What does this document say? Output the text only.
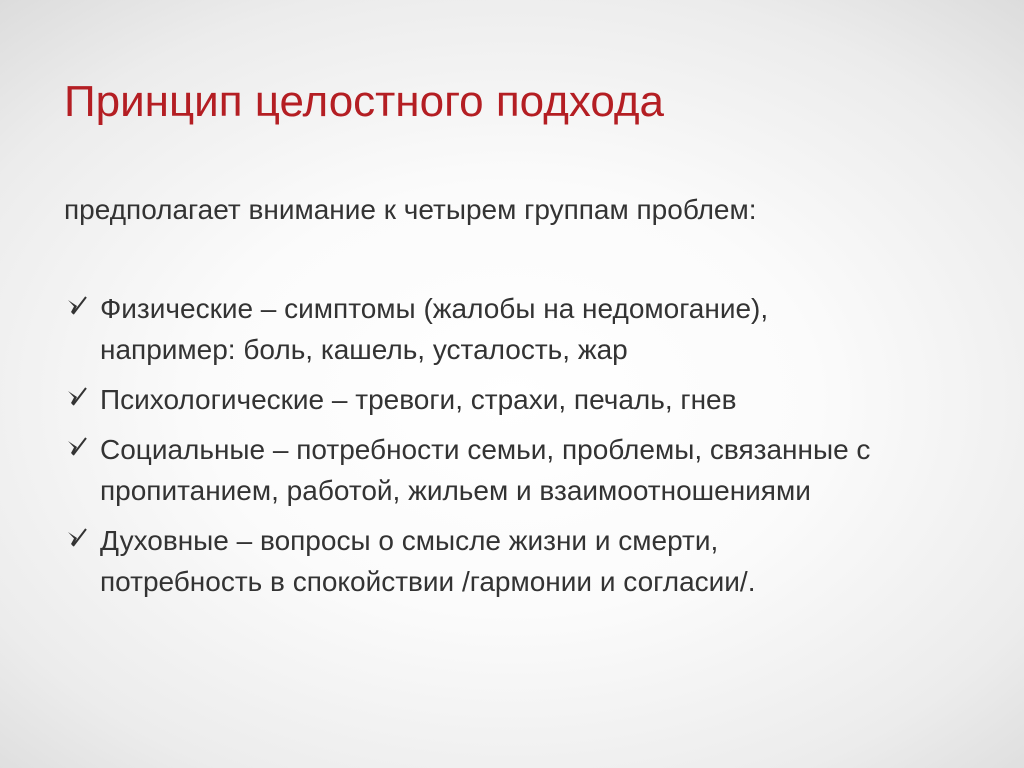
Принцип целостного подхода

предполагает внимание к четырем группам проблем:

Физические – симптомы (жалобы на недомогание),
например: боль, кашель, усталость, жар
Психологические – тревоги, страхи, печаль, гнев
Социальные – потребности семьи, проблемы, связанные с
пропитанием, работой, жильем и взаимоотношениями
Духовные – вопросы о смысле жизни и смерти,
потребность в спокойствии /гармонии и согласии/.
